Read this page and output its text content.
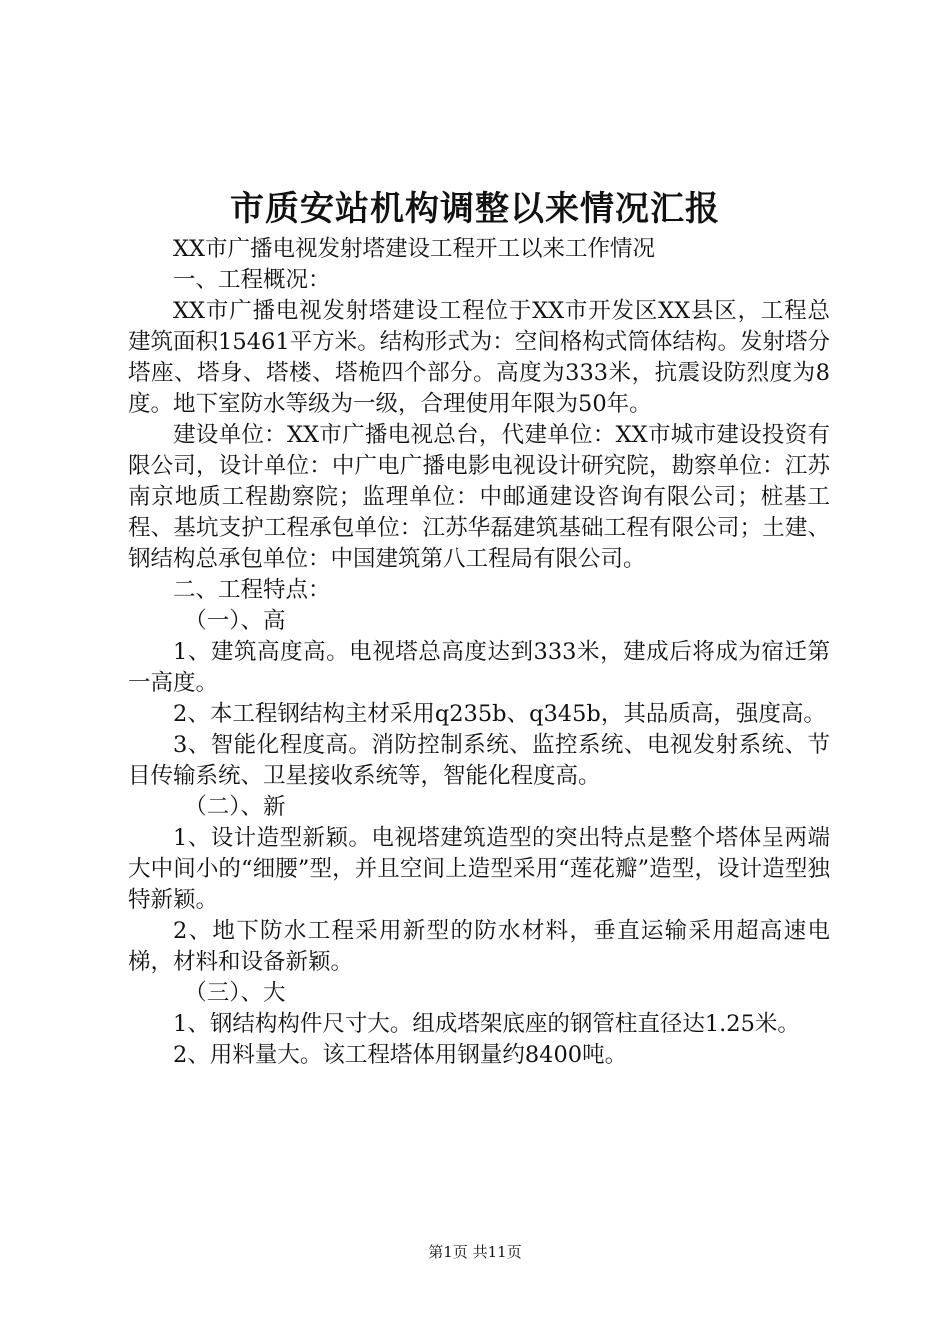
市质安站机构调整以来情况汇报

XX市广播电视发射塔建设工程开工以来工作情况

一、工程概况：

XX市广播电视发射塔建设工程位于XX市开发区XX县区，工程总建筑面积15461平方米。结构形式为：空间格构式筒体结构。发射塔分塔座、塔身、塔楼、塔桅四个部分。高度为333米，抗震设防烈度为8度。地下室防水等级为一级，合理使用年限为50年。

建设单位：XX市广播电视总台，代建单位：XX市城市建设投资有限公司，设计单位：中广电广播电影电视设计研究院，勘察单位：江苏南京地质工程勘察院；监理单位：中邮通建设咨询有限公司；桩基工程、基坑支护工程承包单位：江苏华磊建筑基础工程有限公司；土建、钢结构总承包单位：中国建筑第八工程局有限公司。

二、工程特点：

（一）、高

1、建筑高度高。电视塔总高度达到333米，建成后将成为宿迁第一高度。

2、本工程钢结构主材采用q235b、q345b，其品质高，强度高。

3、智能化程度高。消防控制系统、监控系统、电视发射系统、节目传输系统、卫星接收系统等，智能化程度高。

（二）、新

1、设计造型新颖。电视塔建筑造型的突出特点是整个塔体呈两端大中间小的“细腰”型，并且空间上造型采用“莲花瓣”造型，设计造型独特新颖。

2、地下防水工程采用新型的防水材料，垂直运输采用超高速电梯，材料和设备新颖。

（三）、大

1、钢结构构件尺寸大。组成塔架底座的钢管柱直径达1.25米。

2、用料量大。该工程塔体用钢量约8400吨。

第1页 共11页
